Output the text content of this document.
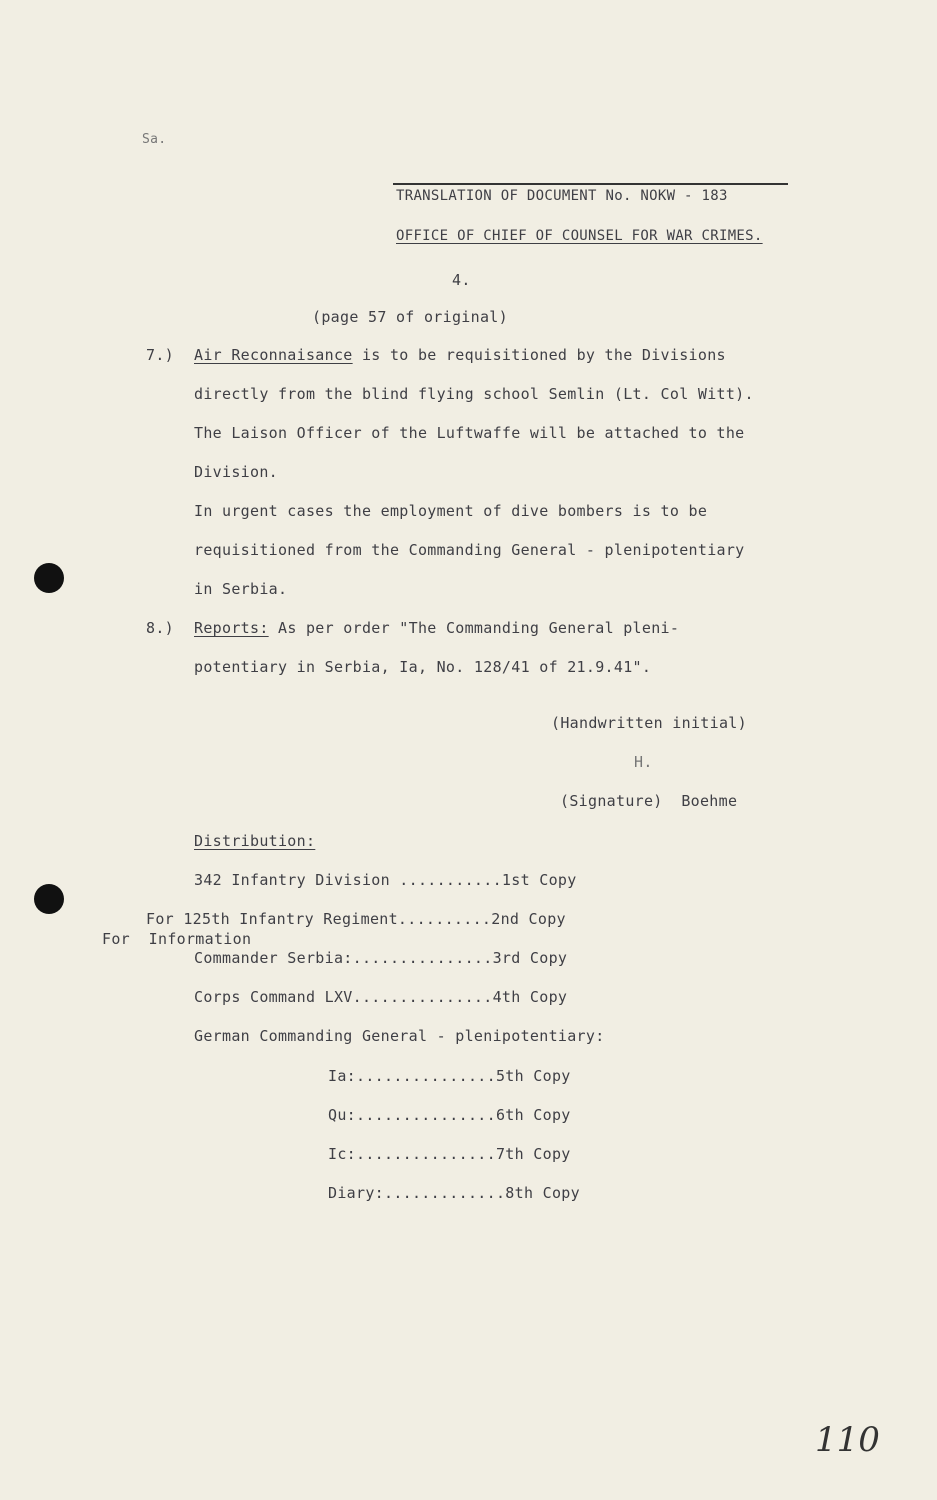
Sa.
TRANSLATION OF DOCUMENT No. NOKW - 183
OFFICE OF CHIEF OF COUNSEL FOR WAR CRIMES.
4.
(page 57 of original)
7.) Air Reconnaisance is to be requisitioned by the Divisions
directly from the blind flying school Semlin (Lt. Col Witt).
The Laison Officer of the Luftwaffe will be attached to the
Division.
In urgent cases the employment of dive bombers is to be
requisitioned from the Commanding General - plenipotentiary
in Serbia.
8.) Reports: As per order "The Commanding General pleni-
potentiary in Serbia, Ia, No. 128/41 of 21.9.41".
(Handwritten initial)
H.
(Signature) Boehme
Distribution:
342 Infantry Division ...........1st Copy
For 125th Infantry Regiment..........2nd Copy
For  Information
Commander Serbia:...............3rd Copy
Corps Command LXV...............4th Copy
German Commanding General - plenipotentiary:
Ia:...............5th Copy
Qu:...............6th Copy
Ic:...............7th Copy
Diary:.............8th Copy
110
